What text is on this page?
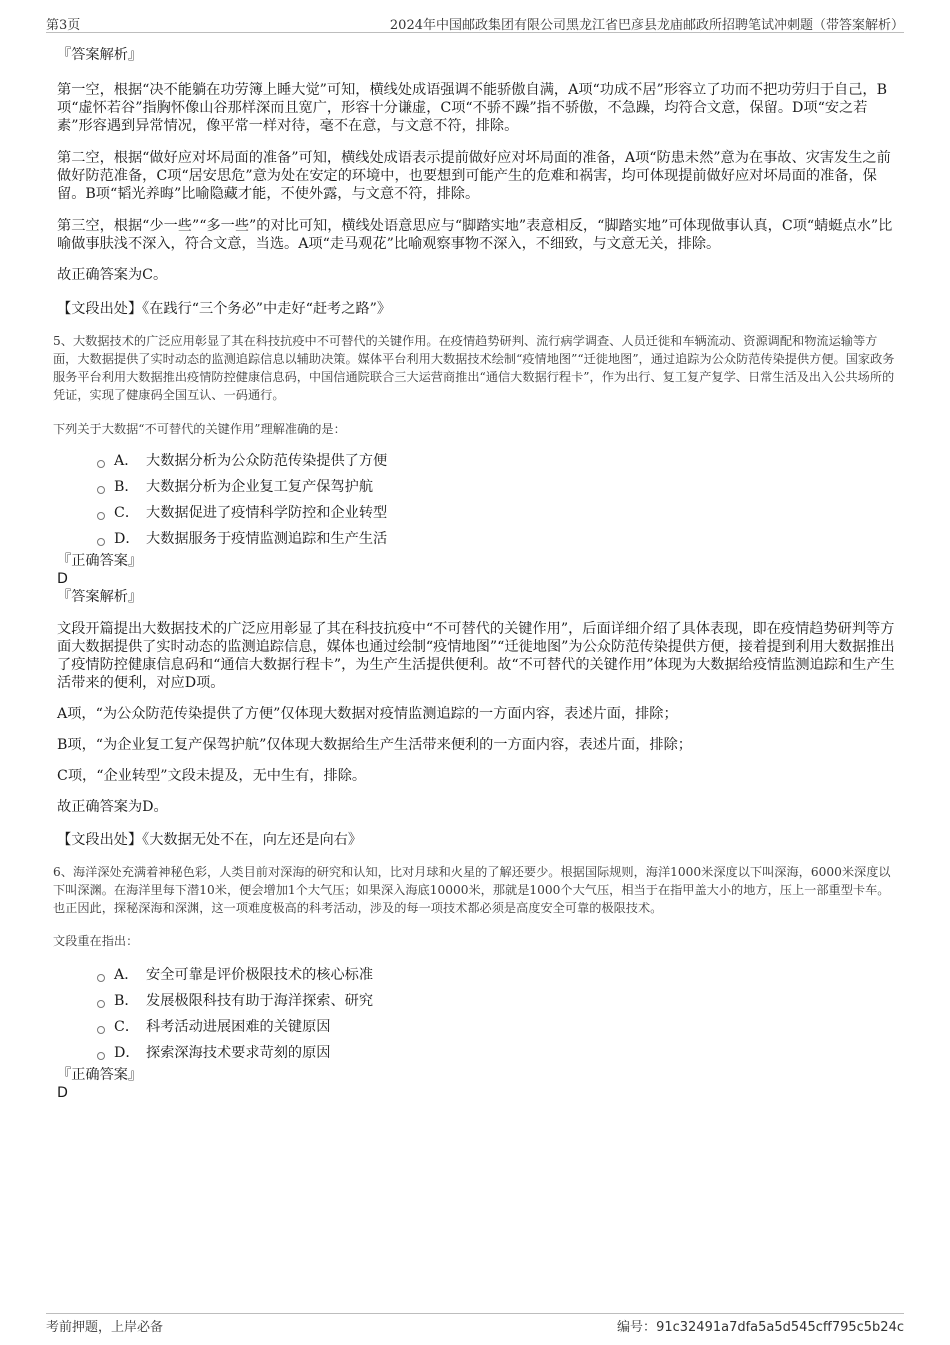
第3页	2024年中国邮政集团有限公司黑龙江省巴彦县龙庙邮政所招聘笔试冲刺题（带答案解析）

『答案解析』

第一空，根据“决不能躺在功劳簿上睡大觉”可知，横线处成语强调不能骄傲自满，A项“功成不居”形容立了功而不把功劳归于自己，B项“虚怀若谷”指胸怀像山谷那样深而且宽广，形容十分谦虚，C项“不骄不躁”指不骄傲，不急躁，均符合文意，保留。D项“安之若素”形容遇到异常情况，像平常一样对待，毫不在意，与文意不符，排除。

第二空，根据“做好应对坏局面的准备”可知，横线处成语表示提前做好应对坏局面的准备，A项“防患未然”意为在事故、灾害发生之前做好防范准备，C项“居安思危”意为处在安定的环境中，也要想到可能产生的危难和祸害，均可体现提前做好应对坏局面的准备，保留。B项“韬光养晦”比喻隐藏才能，不使外露，与文意不符，排除。

第三空，根据“少一些”“多一些”的对比可知，横线处语意思应与“脚踏实地”表意相反，“脚踏实地”可体现做事认真，C项“蜻蜓点水”比喻做事肤浅不深入，符合文意，当选。A项“走马观花”比喻观察事物不深入，不细致，与文意无关，排除。

故正确答案为C。

【文段出处】《在践行“三个务必”中走好“赶考之路”》

5、大数据技术的广泛应用彰显了其在科技抗疫中不可替代的关键作用。在疫情趋势研判、流行病学调查、人员迁徙和车辆流动、资源调配和物流运输等方面，大数据提供了实时动态的监测追踪信息以辅助决策。媒体平台利用大数据技术绘制“疫情地图”“迁徙地图”，通过追踪为公众防范传染提供方便。国家政务服务平台利用大数据推出疫情防控健康信息码，中国信通院联合三大运营商推出“通信大数据行程卡”，作为出行、复工复产复学、日常生活及出入公共场所的凭证，实现了健康码全国互认、一码通行。

下列关于大数据“不可替代的关键作用”理解准确的是：

A． 大数据分析为公众防范传染提供了方便
B． 大数据分析为企业复工复产保驾护航
C． 大数据促进了疫情科学防控和企业转型
D． 大数据服务于疫情监测追踪和生产生活

『正确答案』

D

『答案解析』

文段开篇提出大数据技术的广泛应用彰显了其在科技抗疫中“不可替代的关键作用”，后面详细介绍了具体表现，即在疫情趋势研判等方面大数据提供了实时动态的监测追踪信息，媒体也通过绘制“疫情地图”“迁徙地图”为公众防范传染提供方便，接着提到利用大数据推出了疫情防控健康信息码和“通信大数据行程卡”，为生产生活提供便利。故“不可替代的关键作用”体现为大数据给疫情监测追踪和生产生活带来的便利，对应D项。

A项，“为公众防范传染提供了方便”仅体现大数据对疫情监测追踪的一方面内容，表述片面，排除；

B项，“为企业复工复产保驾护航”仅体现大数据给生产生活带来便利的一方面内容，表述片面，排除；

C项，“企业转型”文段未提及，无中生有，排除。

故正确答案为D。

【文段出处】《大数据无处不在，向左还是向右》

6、海洋深处充满着神秘色彩，人类目前对深海的研究和认知，比对月球和火星的了解还要少。根据国际规则，海洋1000米深度以下叫深海，6000米深度以下叫深渊。在海洋里每下潜10米，便会增加1个大气压；如果深入海底10000米，那就是1000个大气压，相当于在指甲盖大小的地方，压上一部重型卡车。也正因此，探秘深海和深渊，这一项难度极高的科考活动，涉及的每一项技术都必须是高度安全可靠的极限技术。

文段重在指出：

A． 安全可靠是评价极限技术的核心标准
B． 发展极限科技有助于海洋探索、研究
C． 科考活动进展困难的关键原因
D． 探索深海技术要求苛刻的原因

『正确答案』

D

考前押题，上岸必备	编号：91c32491a7dfa5a5d545cff795c5b24c
